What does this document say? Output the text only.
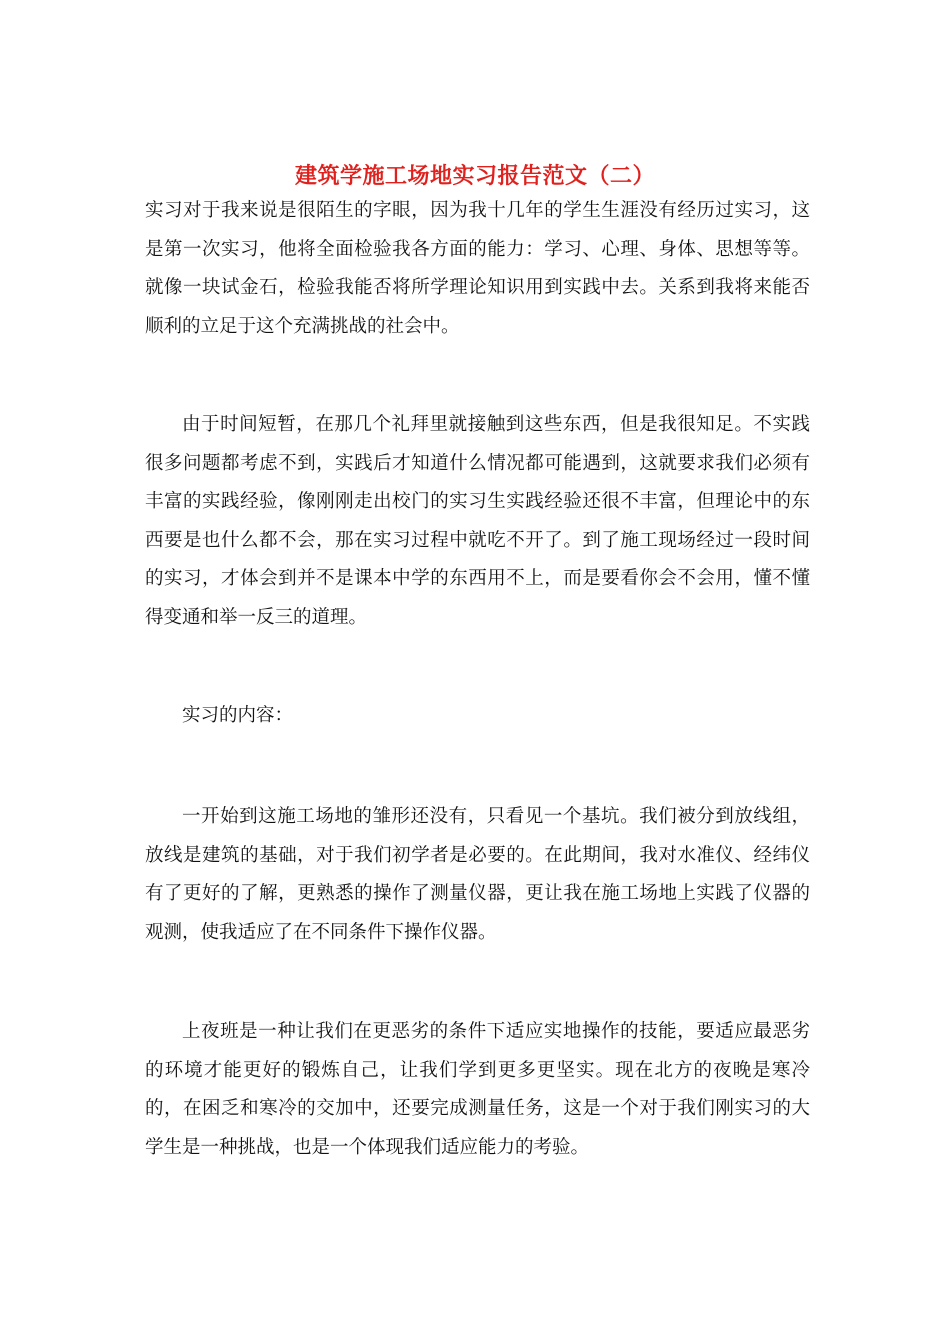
建筑学施工场地实习报告范文（二）

实习对于我来说是很陌生的字眼，因为我十几年的学生生涯没有经历过实习，这是第一次实习，他将全面检验我各方面的能力：学习、心理、身体、思想等等。就像一块试金石，检验我能否将所学理论知识用到实践中去。关系到我将来能否顺利的立足于这个充满挑战的社会中。

由于时间短暂，在那几个礼拜里就接触到这些东西，但是我很知足。不实践很多问题都考虑不到，实践后才知道什么情况都可能遇到，这就要求我们必须有丰富的实践经验，像刚刚走出校门的实习生实践经验还很不丰富，但理论中的东西要是也什么都不会，那在实习过程中就吃不开了。到了施工现场经过一段时间的实习，才体会到并不是课本中学的东西用不上，而是要看你会不会用，懂不懂得变通和举一反三的道理。

实习的内容：

一开始到这施工场地的雏形还没有，只看见一个基坑。我们被分到放线组，放线是建筑的基础，对于我们初学者是必要的。在此期间，我对水准仪、经纬仪有了更好的了解，更熟悉的操作了测量仪器，更让我在施工场地上实践了仪器的观测，使我适应了在不同条件下操作仪器。

上夜班是一种让我们在更恶劣的条件下适应实地操作的技能，要适应最恶劣的环境才能更好的锻炼自己，让我们学到更多更坚实。现在北方的夜晚是寒冷的，在困乏和寒冷的交加中，还要完成测量任务，这是一个对于我们刚实习的大学生是一种挑战，也是一个体现我们适应能力的考验。
